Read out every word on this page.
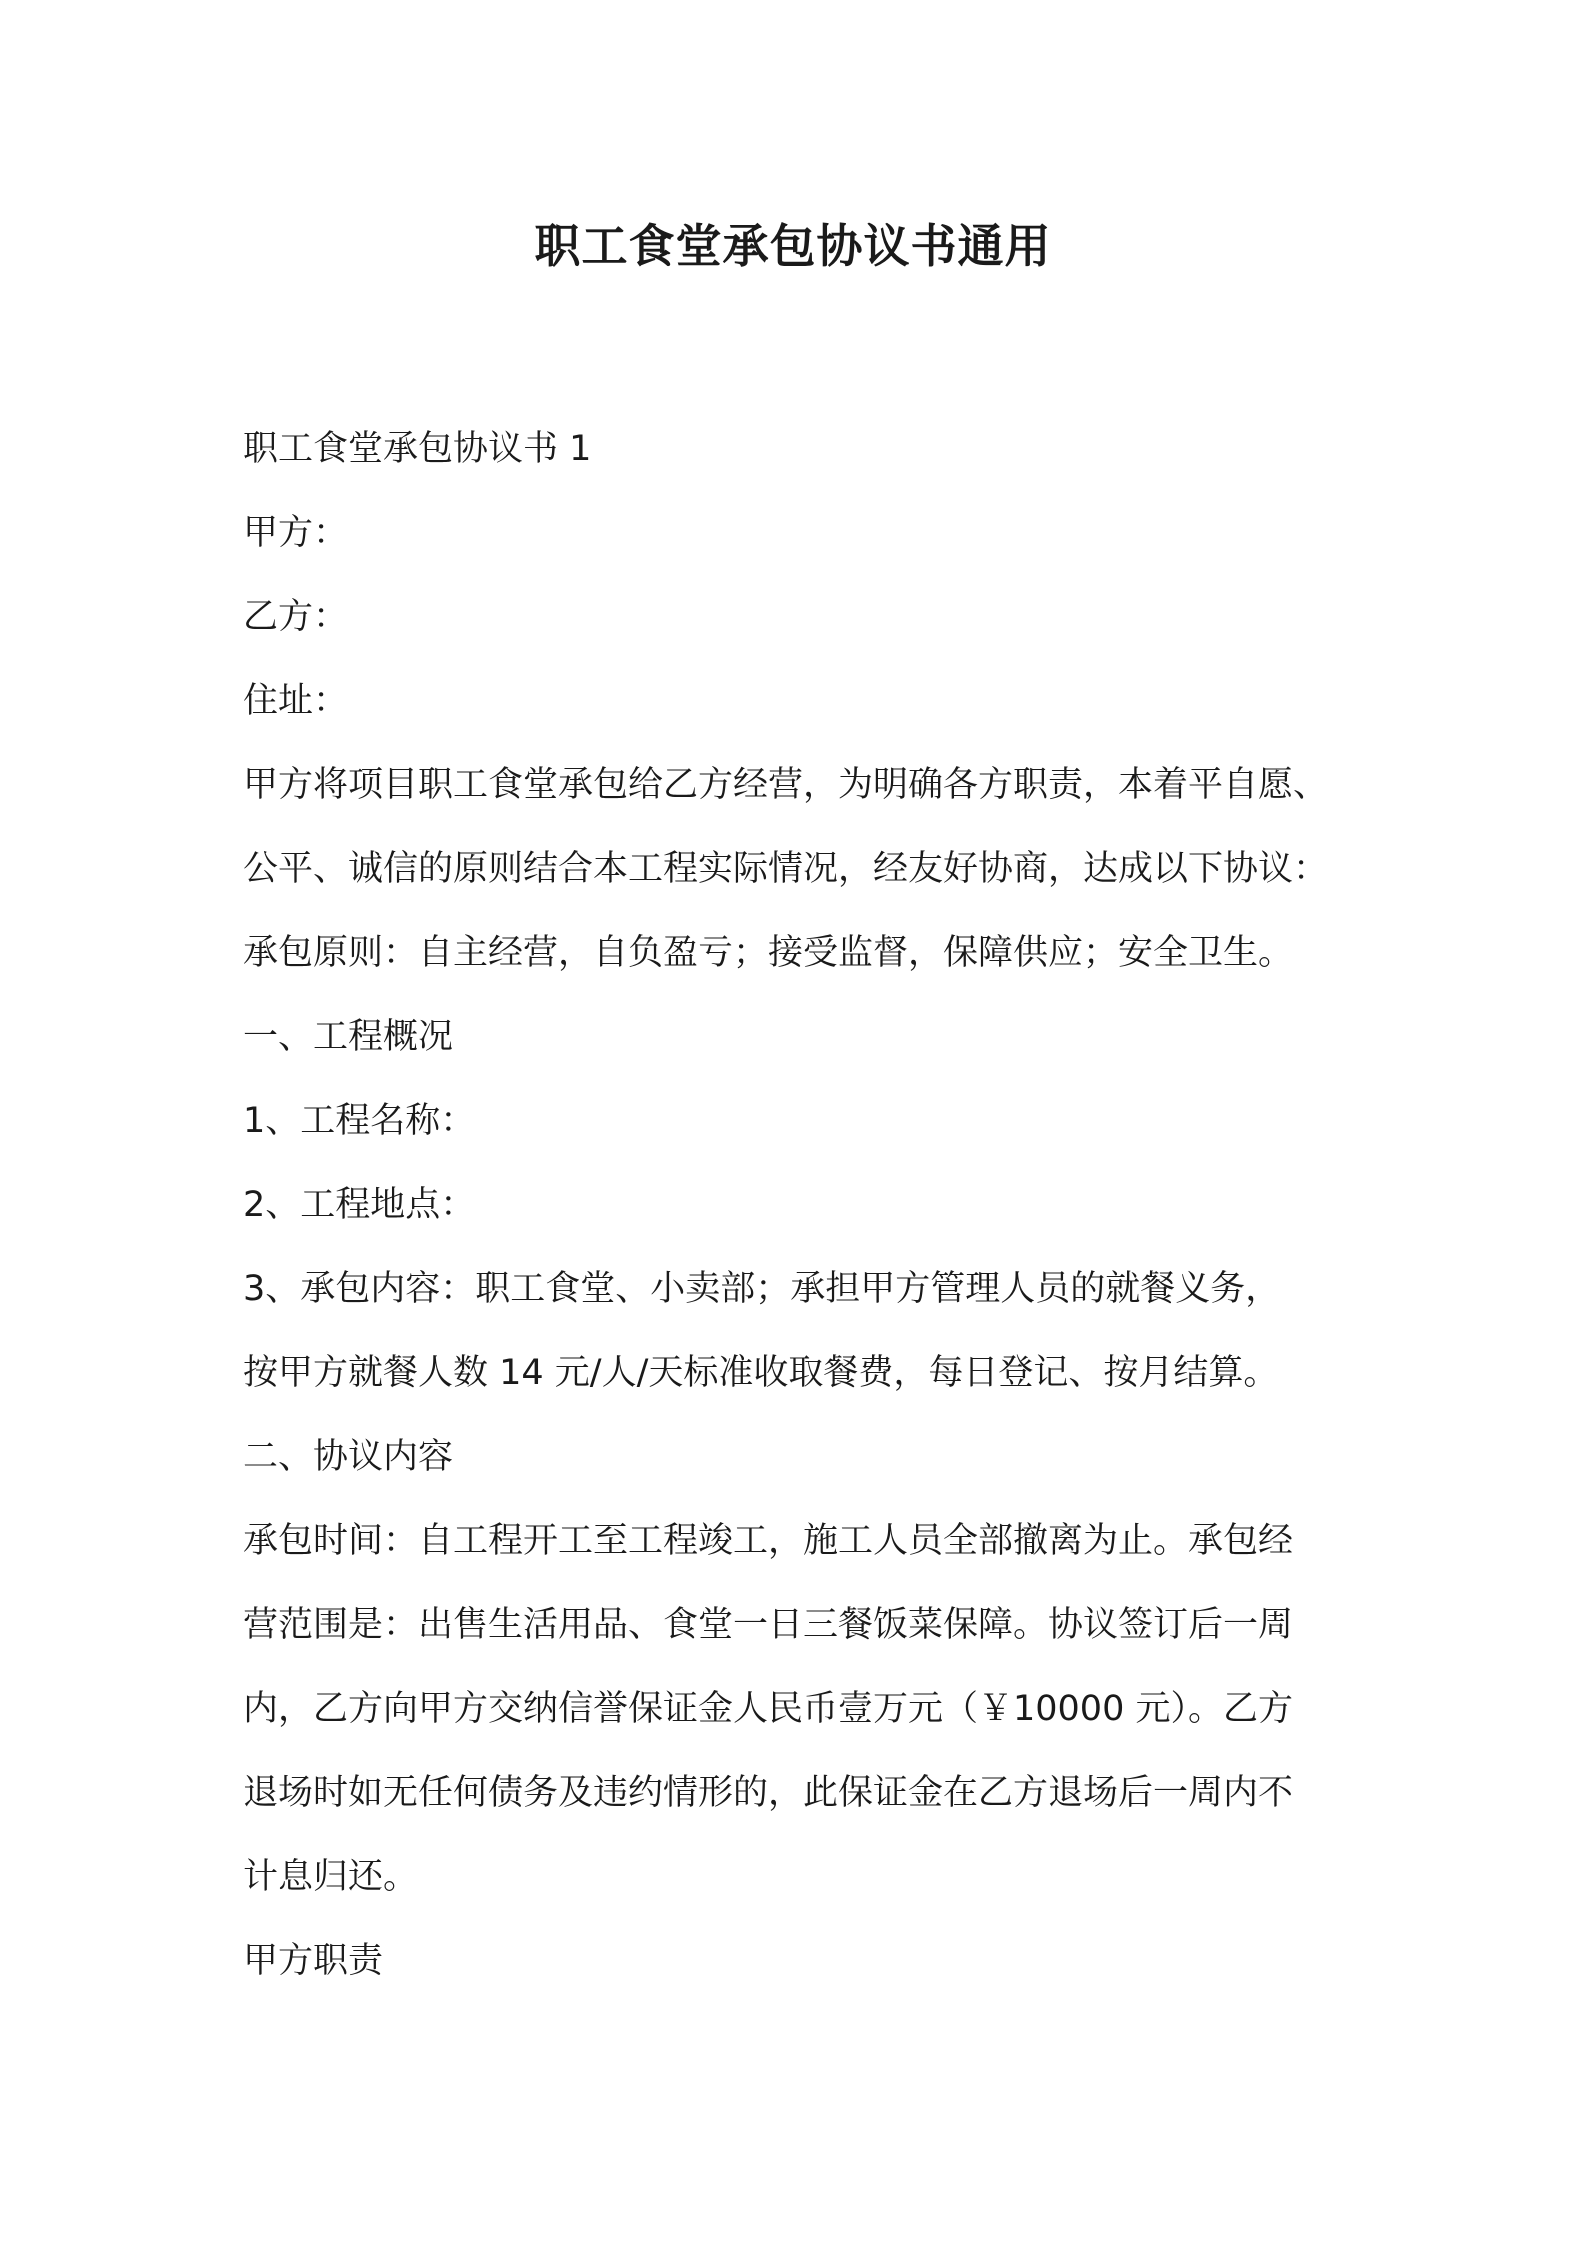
职工食堂承包协议书通用

职工食堂承包协议书 1

甲方：

乙方：

住址：

甲方将项目职工食堂承包给乙方经营，为明确各方职责，本着平自愿、

公平、诚信的原则结合本工程实际情况，经友好协商，达成以下协议：

承包原则：自主经营，自负盈亏；接受监督，保障供应；安全卫生。

一、工程概况

1、工程名称：

2、工程地点：

3、承包内容：职工食堂、小卖部；承担甲方管理人员的就餐义务，

按甲方就餐人数 14 元/人/天标准收取餐费，每日登记、按月结算。

二、协议内容

承包时间：自工程开工至工程竣工，施工人员全部撤离为止。承包经

营范围是：出售生活用品、食堂一日三餐饭菜保障。协议签订后一周

内，乙方向甲方交纳信誉保证金人民币壹万元（￥10000 元）。乙方

退场时如无任何债务及违约情形的，此保证金在乙方退场后一周内不

计息归还。

甲方职责
